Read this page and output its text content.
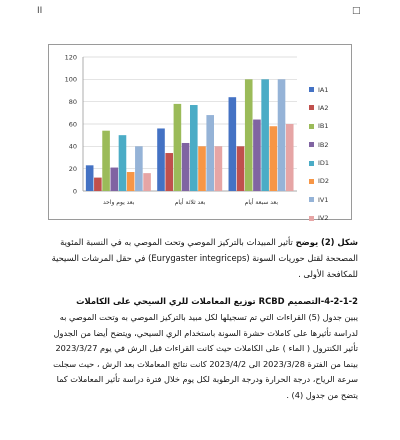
II	□
0
20
40
60
80
100
120
بعد يوم واحد	بعد ثلاثة أيام	بعد سبعة أيام
IA1
IA2
IB1
IB2
ID1
ID2
IV1
IV2
شكل (2) يوضح تأثير المبيدات بالتركيز الموصي وتحت الموصي به في النسبة المئوية المصححة لقتل حوريات السونة (Eurygaster integriceps) في حقل المرشات السيحية للمكافحة الأولى .
4-2-1-2-التصميم RCBD توزيع المعاملات للري السيحي على الكاملات
يبين جدول (5) القراءات التي تم تسجيلها لكل مبيد بالتركيز الموصي به وتحت الموصي به لدراسة تأثيرها على كاملات حشرة السونة باستخدام الري السيحي، ويتضح أيضا من الجدول تأثير الكنترول ( الماء ) على الكاملات حيث كانت القراءات قبل الرش في يوم 2023/3/27 بينما من الفترة 2023/3/28 الى 2023/4/2 كانت نتائج المعاملات بعد الرش ، حيث سجلت سرعة الرياح، درجة الحرارة ودرجة الرطوبة لكل يوم خلال فترة دراسة تأثير المعاملات كما يتضح من جدول (4) .
